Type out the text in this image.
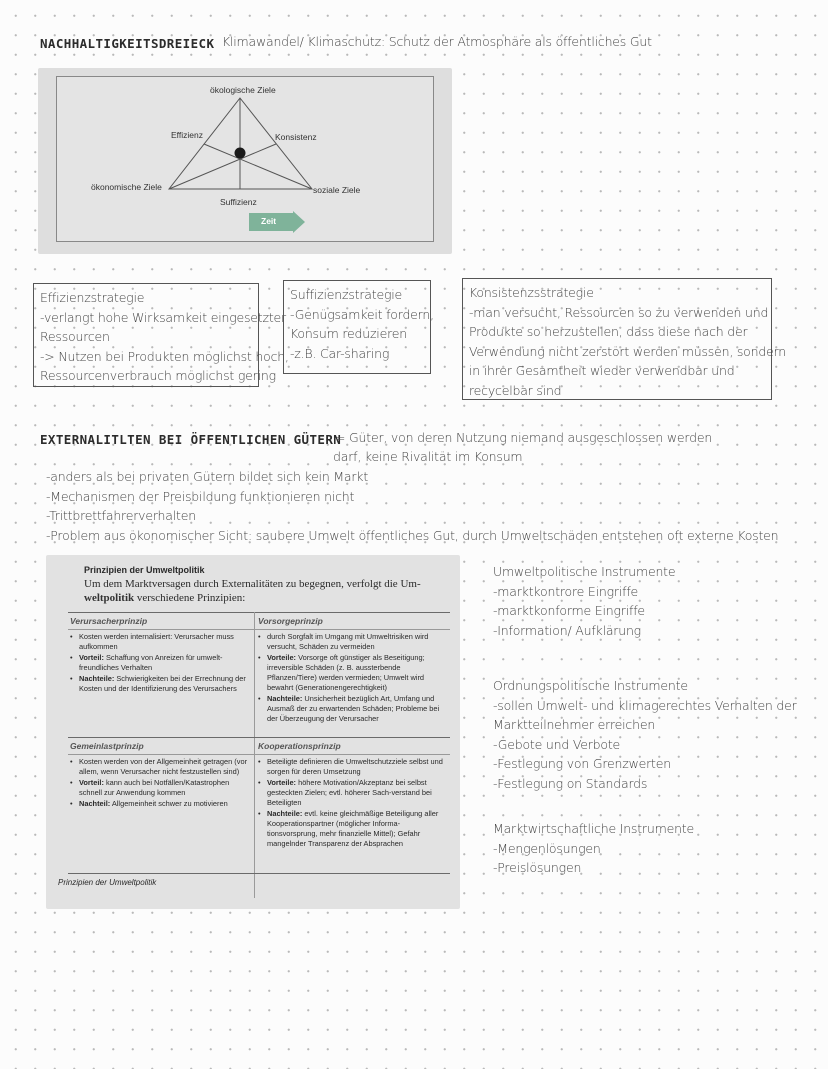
NACHHALTIGKEITSDREIECK Klimawandel/ Klimaschutz: Schutz der Atmosphäre als öffentliches Gut
ökologische Ziele
Effizienz	Konsistenz
ökonomische Ziele	soziale Ziele
Suffizienz
Zeit
Effizienzstrategie
-verlangt hohe Wirksamkeit eingesetzter
Ressourcen
-> Nutzen bei Produkten möglichst hoch,
Ressourcenverbrauch möglichst gering
Suffizienzstrategie
-Genügsamkeit fordern,
Konsum reduzieren
-z.B. Car-sharing
Konsistenzsstrategie
-man versucht, Ressourcen so zu verwenden und
Produkte so herzustellen, dass diese nach der
Verwendung nicht zerstört werden müssen, sondern
in ihrer Gesamtheit wieder verwendbar und
recycelbar sind
EXTERNALITLTEN BEI ÖFFENTLICHEN GÜTERN
= Güter, von deren Nutzung niemand ausgeschlossen werden
darf, keine Rivalität im Konsum
-anders als bei privaten Gütern bildet sich kein Markt
-Mechanismen der Preisbildung funktionieren nicht
-Trittbrettfahrerverhalten
-Problem aus ökonomischer Sicht: saubere Umwelt öffentliches Gut, durch Umweltschäden entstehen oft externe Kosten
Prinzipien der Umweltpolitik
Um dem Marktversagen durch Externalitäten zu begegnen, verfolgt die Um-
weltpolitik verschiedene Prinzipien:
Verursacherprinzip
• Kosten werden internalisiert: Verursacher muss aufkommen
• Vorteil: Schaffung von Anreizen für umwelt-freundliches Verhalten
• Nachteile: Schwierigkeiten bei der Errechnung der Kosten und der Identifizierung des Verursachers
Vorsorgeprinzip
• durch Sorgfalt im Umgang mit Umweltrisiken wird versucht, Schäden zu vermeiden
• Vorteile: Vorsorge oft günstiger als Beseitigung; irreversible Schäden (z. B. aussterbende Pflanzen/Tiere) werden vermieden; Umwelt wird bewahrt (Generationengerechtigkeit)
• Nachteile: Unsicherheit bezüglich Art, Umfang und Ausmaß der zu erwartenden Schäden; Probleme bei der Überzeugung der Verursacher
Gemeinlastprinzip
• Kosten werden von der Allgemeinheit getragen (vor allem, wenn Verursacher nicht festzustellen sind)
• Vorteil: kann auch bei Notfällen/Katastrophen schnell zur Anwendung kommen
• Nachteil: Allgemeinheit schwer zu motivieren
Kooperationsprinzip
• Beteiligte definieren die Umweltschutzziele selbst und sorgen für deren Umsetzung
• Vorteile: höhere Motivation/Akzeptanz bei selbst gesteckten Zielen; evtl. höherer Sach-verstand bei Beteiligten
• Nachteile: evtl. keine gleichmäßige Beteiligung aller Kooperationspartner (möglicher Informa-tionsvorsprung, mehr finanzielle Mittel); Gefahr mangelnder Transparenz der Absprachen
Prinzipien der Umweltpolitik
Umweltpolitische Instrumente
-marktkontrore Eingriffe
-marktkonforme Eingriffe
-Information/ Aufklärung
Ordnungspolitische Instrumente
-sollen Umwelt- und klimagerechtes Verhalten der
Marktteilnehmer erreichen
-Gebote und Verbote
-Festlegung von Grenzwerten
-Festlegung on Standards
Marktwirtschaftliche Instrumente
-Mengenlösungen
-Preislösungen
